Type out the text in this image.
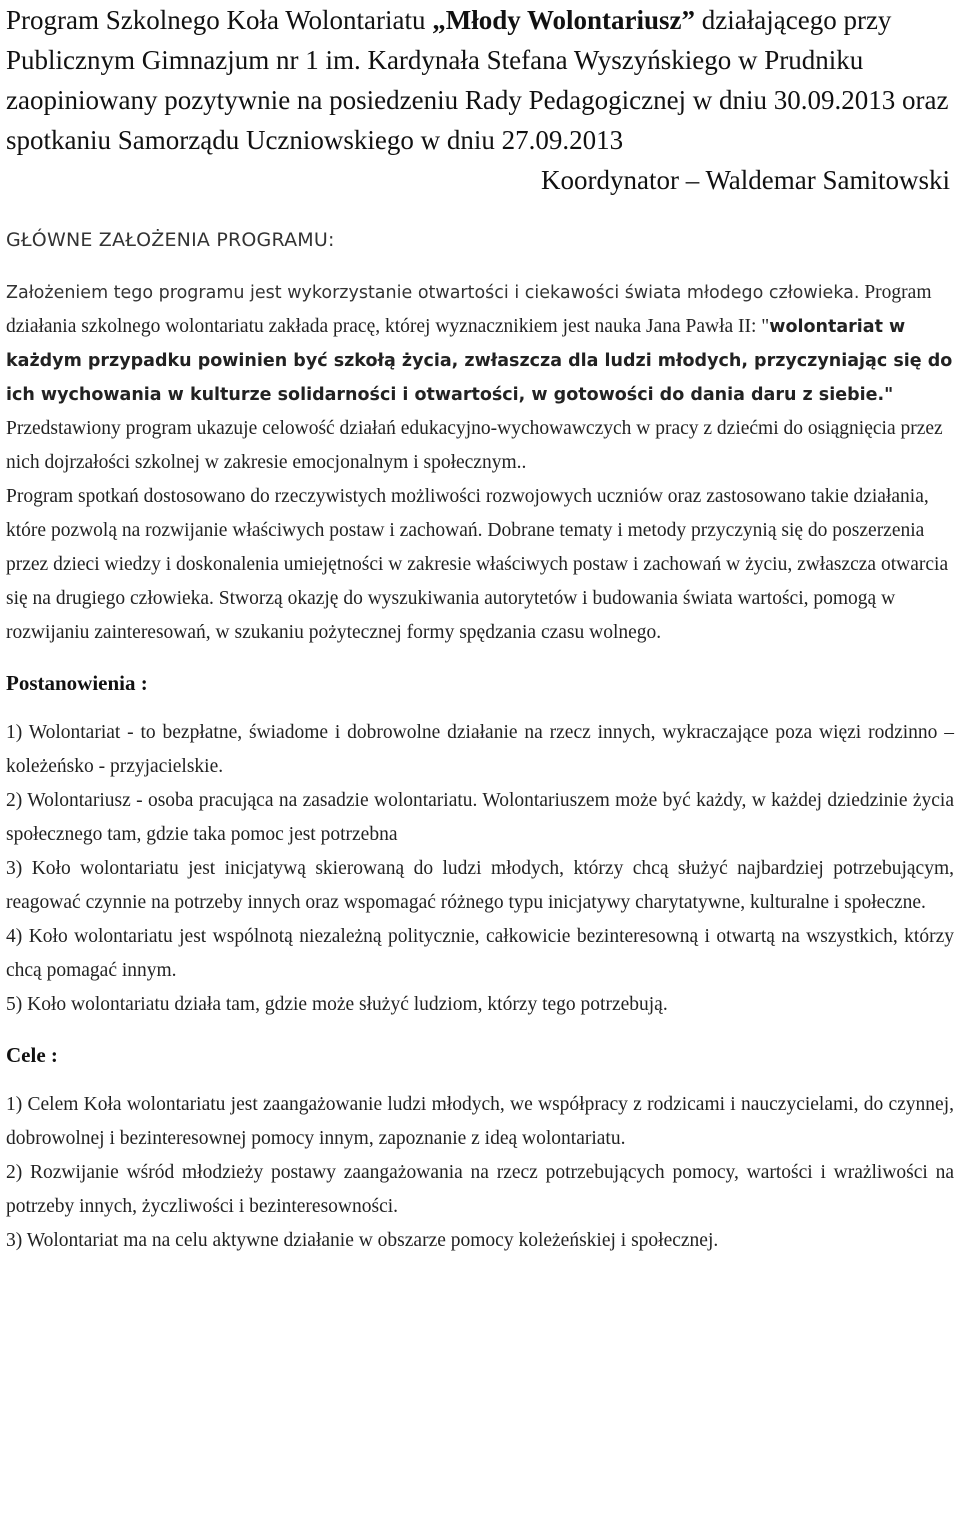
Program Szkolnego Koła Wolontariatu „Młody Wolontariusz” działającego przy Publicznym Gimnazjum nr 1 im. Kardynała Stefana Wyszyńskiego w Prudniku zaopiniowany pozytywnie na posiedzeniu Rady Pedagogicznej w dniu 30.09.2013 oraz spotkaniu Samorządu Uczniowskiego w dniu 27.09.2013

Koordynator – Waldemar Samitowski

GŁÓWNE ZAŁOŻENIA PROGRAMU:

Założeniem tego programu jest wykorzystanie otwartości i ciekawości świata młodego człowieka. Program działania szkolnego wolontariatu zakłada pracę, której wyznacznikiem jest nauka Jana Pawła II: "wolontariat w każdym przypadku powinien być szkołą życia, zwłaszcza dla ludzi młodych, przyczyniając się do ich wychowania w kulturze solidarności i otwartości, w gotowości do dania daru z siebie."

Przedstawiony program ukazuje celowość działań edukacyjno-wychowawczych w pracy z dziećmi do osiągnięcia przez nich dojrzałości szkolnej w zakresie emocjonalnym i społecznym..

Program spotkań dostosowano do rzeczywistych możliwości rozwojowych uczniów oraz zastosowano takie działania, które pozwolą na rozwijanie właściwych postaw i zachowań. Dobrane tematy i metody przyczynią się do poszerzenia przez dzieci wiedzy i doskonalenia umiejętności w zakresie właściwych postaw i zachowań w życiu, zwłaszcza otwarcia się na drugiego człowieka. Stworzą okazję do wyszukiwania autorytetów i budowania świata wartości, pomogą w rozwijaniu zainteresowań, w szukaniu pożytecznej formy spędzania czasu wolnego.

Postanowienia :

1) Wolontariat - to bezpłatne, świadome i dobrowolne działanie na rzecz innych, wykraczające poza więzi rodzinno – koleżeńsko - przyjacielskie.

2) Wolontariusz - osoba pracująca na zasadzie wolontariatu. Wolontariuszem może być każdy, w każdej dziedzinie życia społecznego tam, gdzie taka pomoc jest potrzebna

3) Koło wolontariatu jest inicjatywą skierowaną do ludzi młodych, którzy chcą służyć najbardziej potrzebującym, reagować czynnie na potrzeby innych oraz wspomagać różnego typu inicjatywy charytatywne, kulturalne i społeczne.

4) Koło wolontariatu jest wspólnotą niezależną politycznie, całkowicie bezinteresowną i otwartą na wszystkich, którzy chcą pomagać innym.

5) Koło wolontariatu działa tam, gdzie może służyć ludziom, którzy tego potrzebują.

Cele :

1) Celem Koła wolontariatu jest zaangażowanie ludzi młodych, we współpracy z rodzicami i nauczycielami, do czynnej, dobrowolnej i bezinteresownej pomocy innym, zapoznanie z ideą wolontariatu.

2) Rozwijanie wśród młodzieży postawy zaangażowania na rzecz potrzebujących pomocy, wartości i wrażliwości na potrzeby innych, życzliwości i bezinteresowności.

3) Wolontariat ma na celu aktywne działanie w obszarze pomocy koleżeńskiej i społecznej.
